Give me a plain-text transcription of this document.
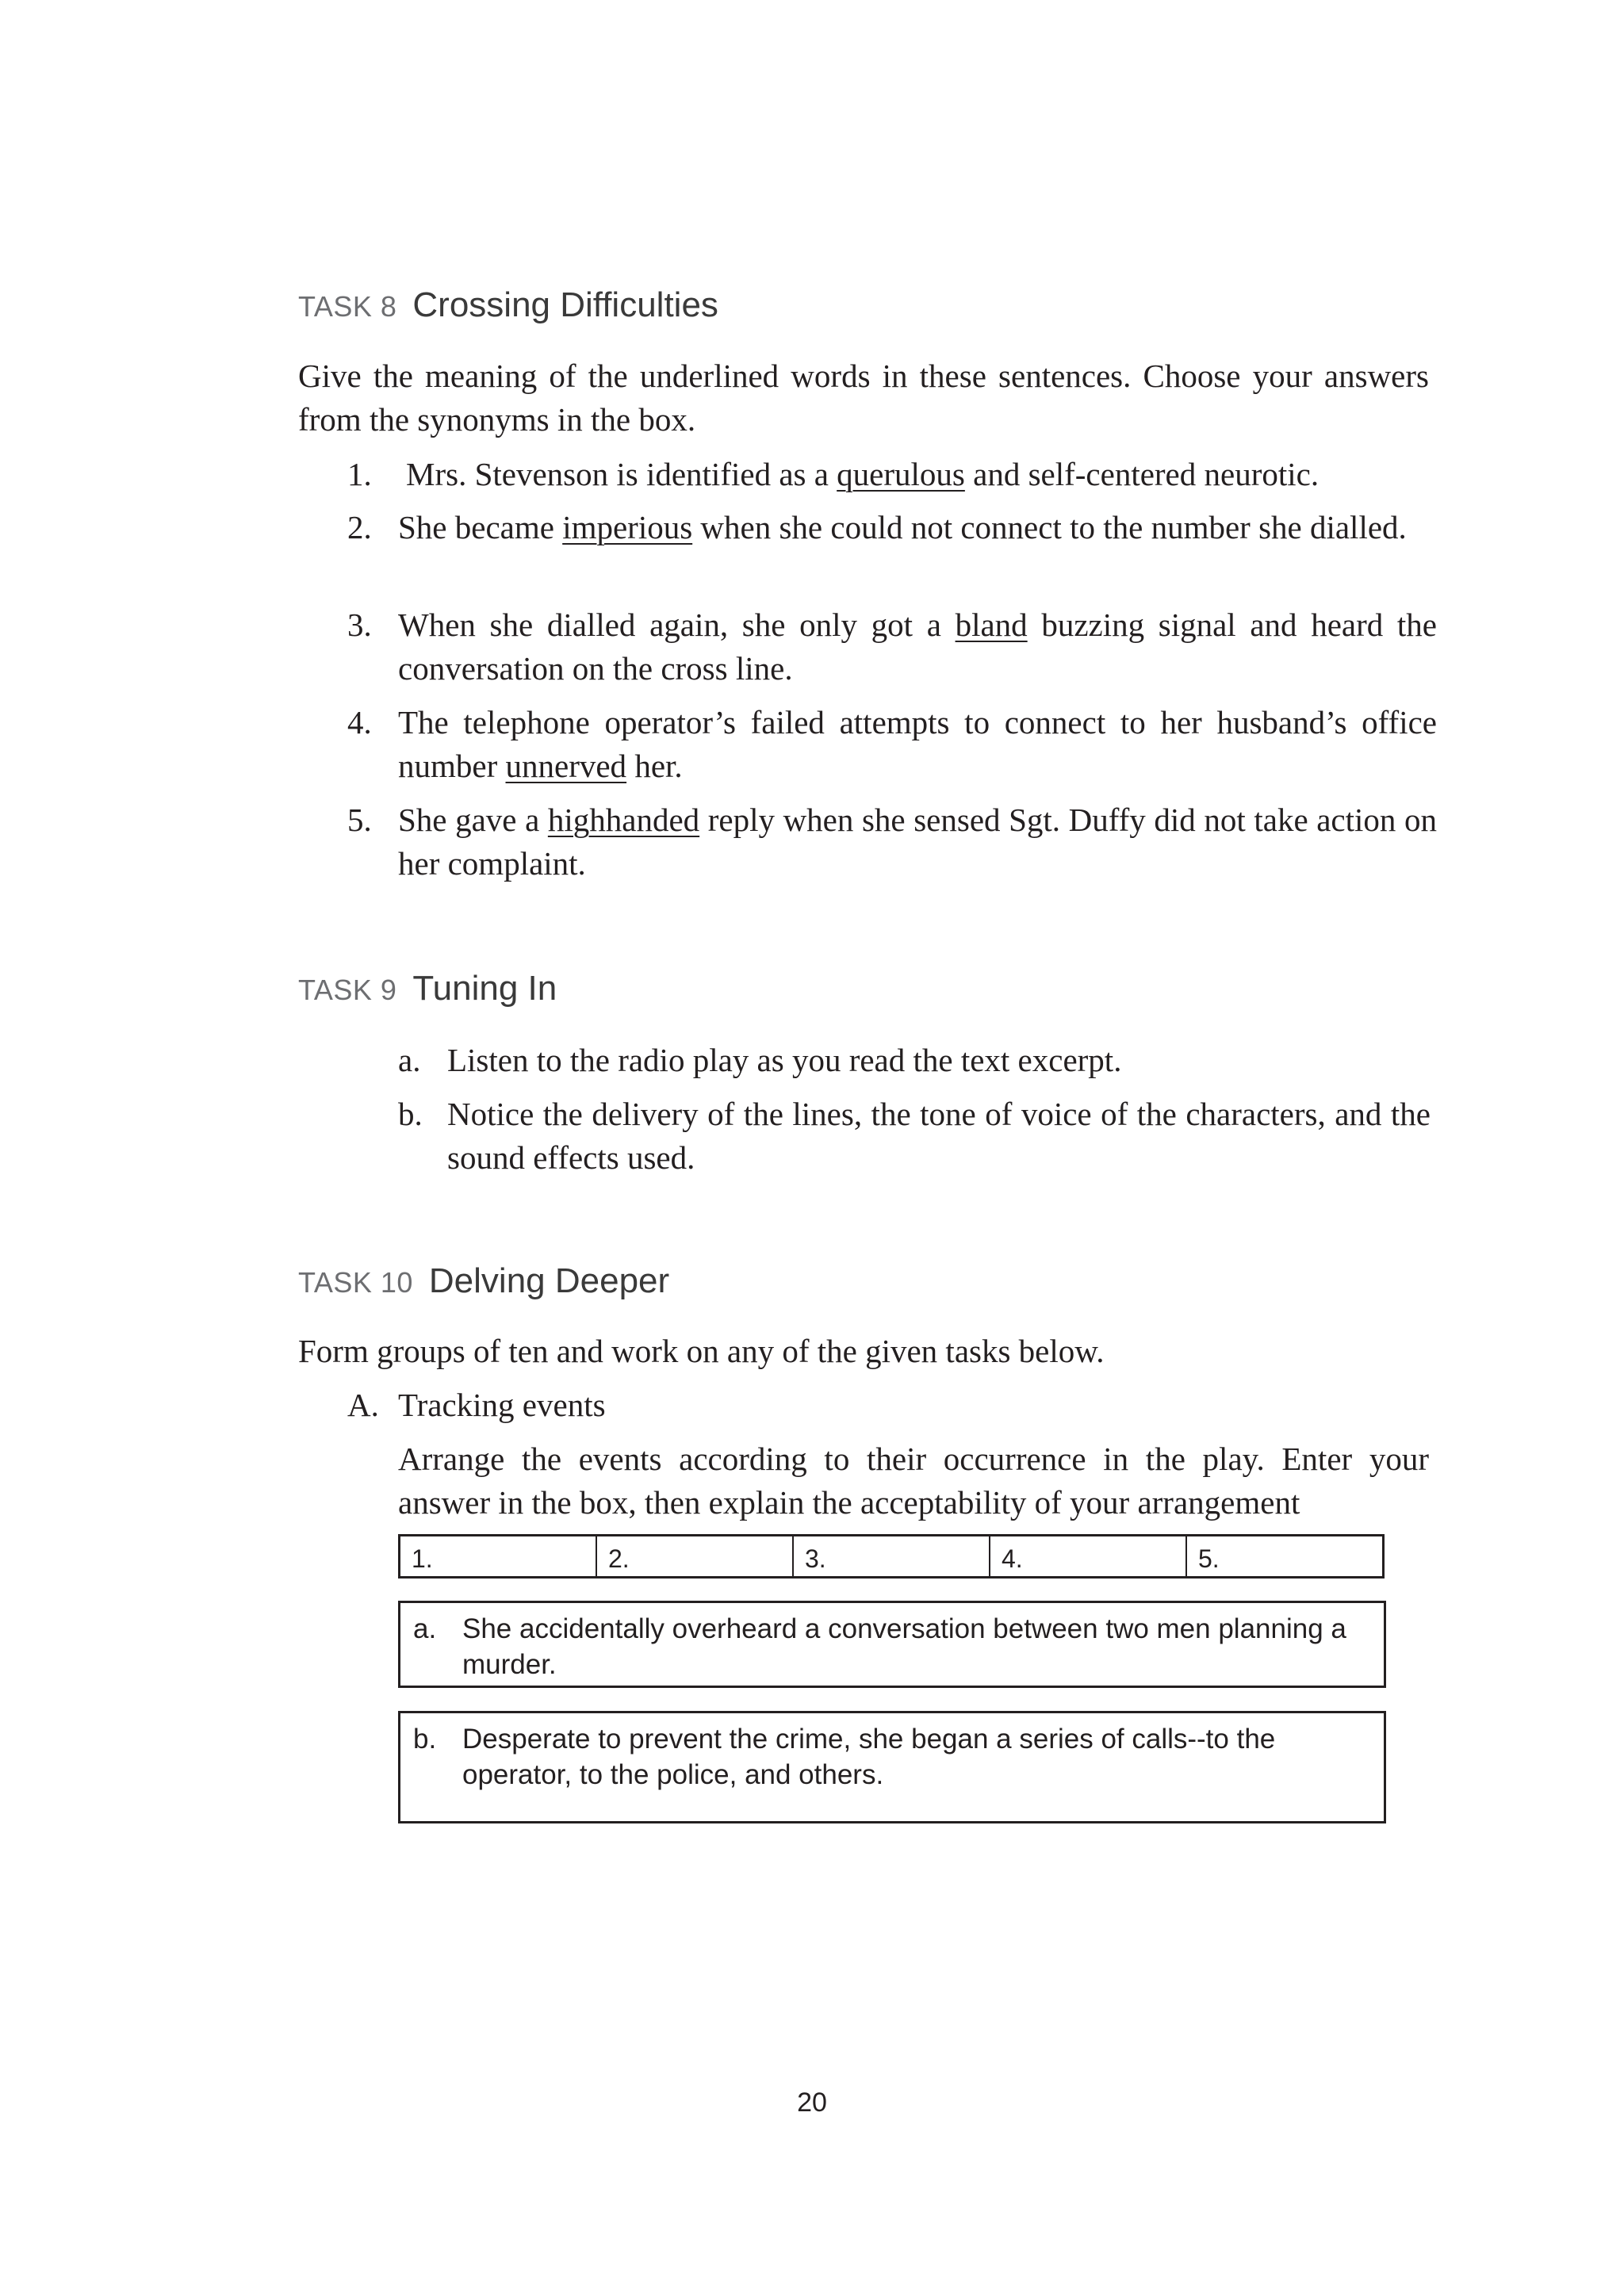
TASK 8 Crossing Difficulties
Give the meaning of the underlined words in these sentences. Choose your answers from the synonyms in the box.
1. Mrs. Stevenson is identified as a querulous and self-centered neurotic.
2. She became imperious when she could not connect to the number she dialled.
3. When she dialled again, she only got a bland buzzing signal and heard the conversation on the cross line.
4. The telephone operator’s failed attempts to connect to her husband’s office number unnerved her.
5. She gave a highhanded reply when she sensed Sgt. Duffy did not take action on her complaint.
TASK 9 Tuning In
a. Listen to the radio play as you read the text excerpt.
b. Notice the delivery of the lines, the tone of voice of the characters, and the sound effects used.
TASK 10 Delving Deeper
Form groups of ten and work on any of the given tasks below.
A. Tracking events
Arrange the events according to their occurrence in the play. Enter your answer in the box, then explain the acceptability of your arrangement
1.	2.	3.	4.	5.
a. She accidentally overheard a conversation between two men planning a murder.
b. Desperate to prevent the crime, she began a series of calls--to the operator, to the police, and others.
20
